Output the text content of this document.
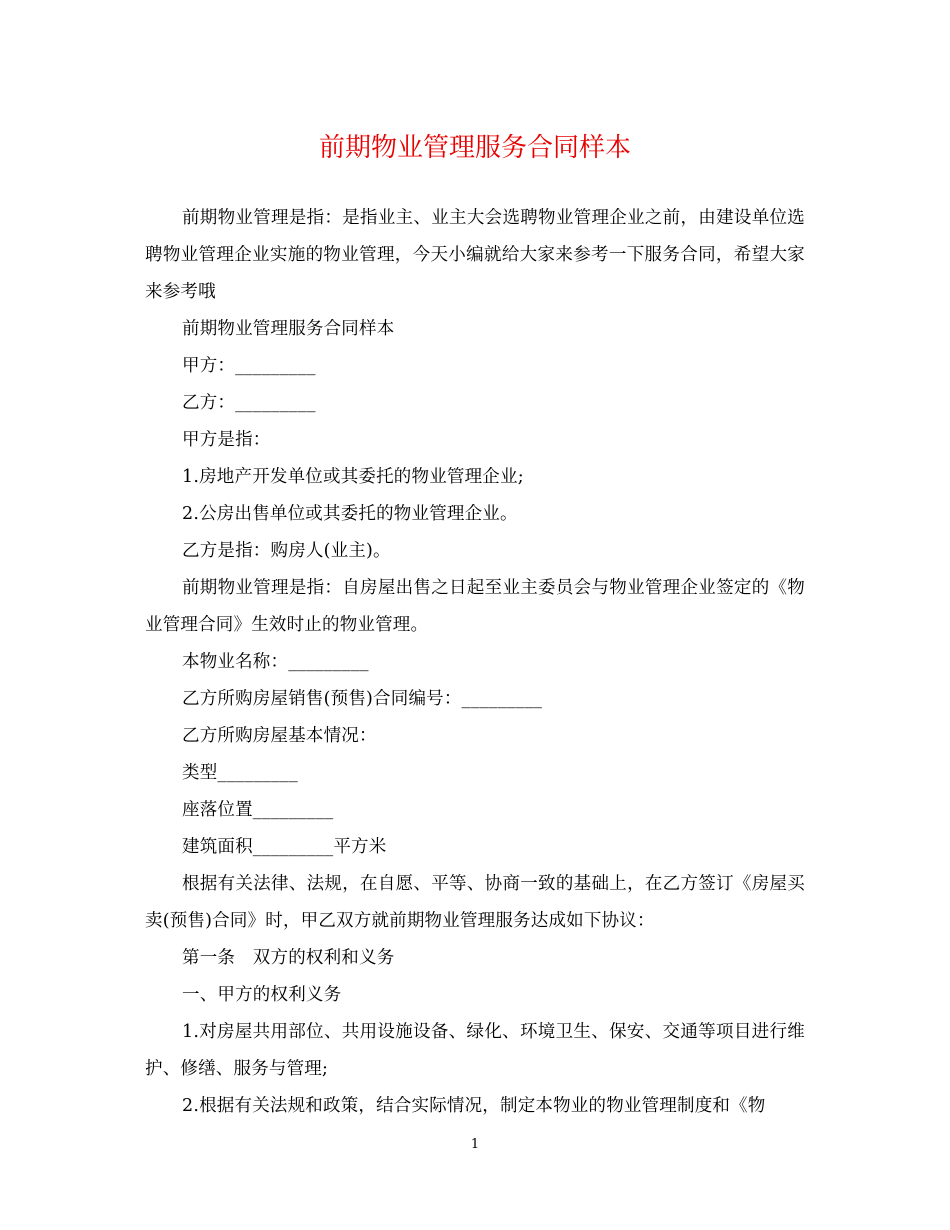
前期物业管理服务合同样本

前期物业管理是指：是指业主、业主大会选聘物业管理企业之前，由建设单位选聘物业管理企业实施的物业管理，今天小编就给大家来参考一下服务合同，希望大家来参考哦

前期物业管理服务合同样本

甲方：_________

乙方：_________

甲方是指：

1.房地产开发单位或其委托的物业管理企业;

2.公房出售单位或其委托的物业管理企业。

乙方是指：购房人(业主)。

前期物业管理是指：自房屋出售之日起至业主委员会与物业管理企业签定的《物业管理合同》生效时止的物业管理。

本物业名称：_________

乙方所购房屋销售(预售)合同编号：_________

乙方所购房屋基本情况：

类型_________

座落位置_________

建筑面积_________平方米

根据有关法律、法规，在自愿、平等、协商一致的基础上，在乙方签订《房屋买卖(预售)合同》时，甲乙双方就前期物业管理服务达成如下协议：

第一条　双方的权利和义务

一、甲方的权利义务

1.对房屋共用部位、共用设施设备、绿化、环境卫生、保安、交通等项目进行维护、修缮、服务与管理;

2.根据有关法规和政策，结合实际情况，制定本物业的物业管理制度和《物

1
